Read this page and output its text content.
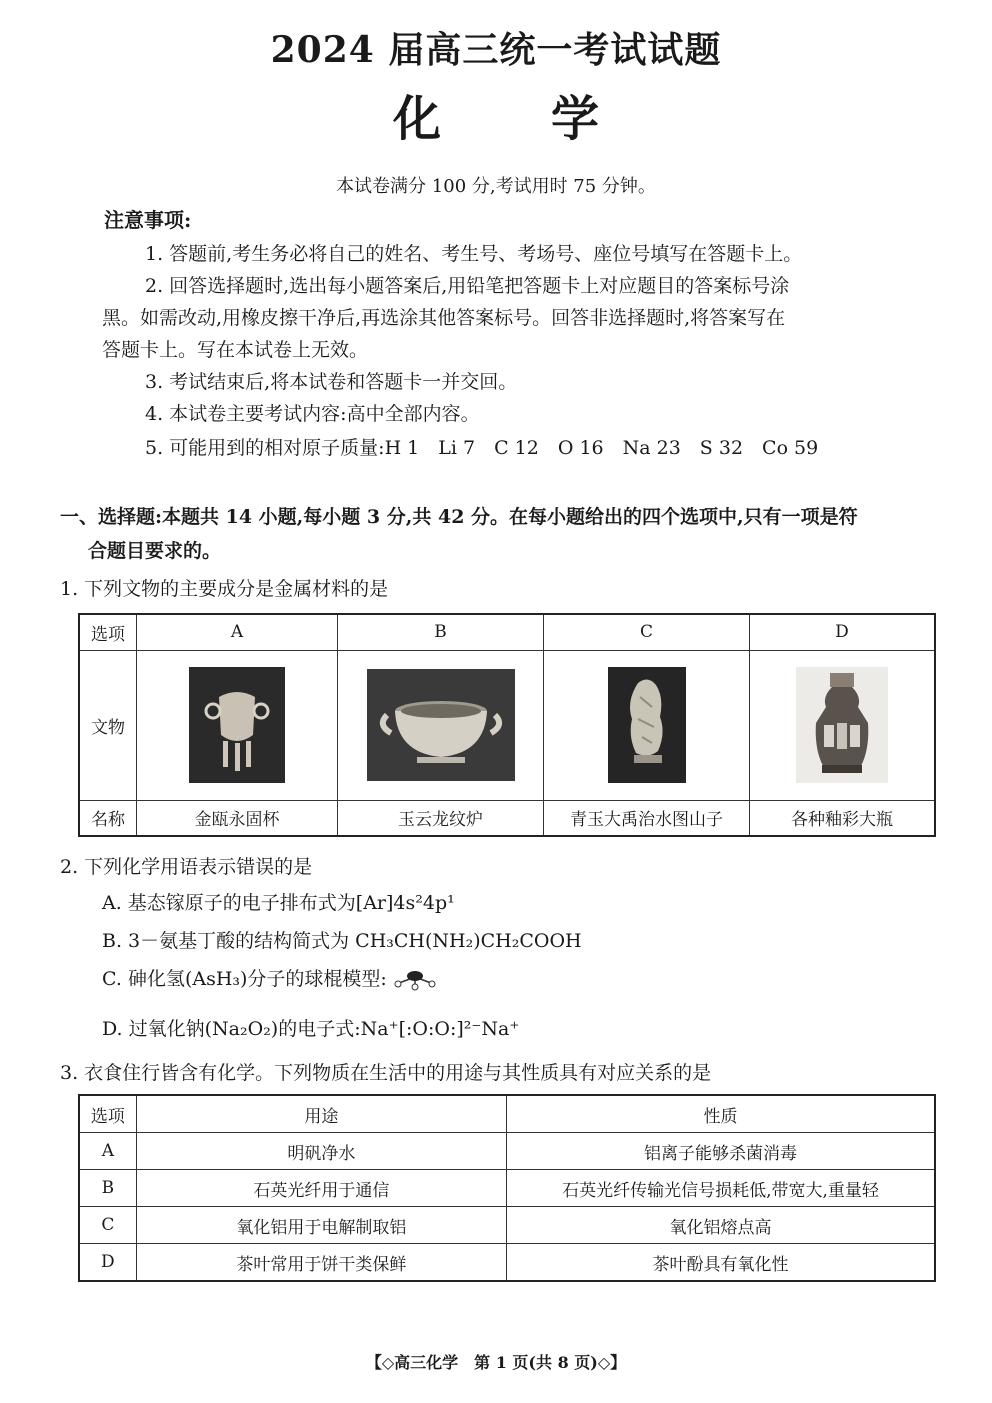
2024 届高三统一考试试题
化学
本试卷满分 100 分,考试用时 75 分钟。
注意事项:
1. 答题前,考生务必将自己的姓名、考生号、考场号、座位号填写在答题卡上。
2. 回答选择题时,选出每小题答案后,用铅笔把答题卡上对应题目的答案标号涂
黑。如需改动,用橡皮擦干净后,再选涂其他答案标号。回答非选择题时,将答案写在
答题卡上。写在本试卷上无效。
3. 考试结束后,将本试卷和答题卡一并交回。
4. 本试卷主要考试内容:高中全部内容。
5. 可能用到的相对原子质量:H 1　Li 7　C 12　O 16　Na 23　S 32　Co 59
一、选择题:本题共 14 小题,每小题 3 分,共 42 分。在每小题给出的四个选项中,只有一项是符
合题目要求的。
1. 下列文物的主要成分是金属材料的是
选项	A	B	C	D
文物	

名称	金瓯永固杯	玉云龙纹炉	青玉大禹治水图山子	各种釉彩大瓶
2. 下列化学用语表示错误的是
A. 基态镓原子的电子排布式为[Ar]4s²4p¹
B. 3－氨基丁酸的结构简式为 CH₃CH(NH₂)CH₂COOH
C. 砷化氢(AsH₃)分子的球棍模型:
D. 过氧化钠(Na₂O₂)的电子式:Na⁺[:O:O:]²⁻Na⁺
3. 衣食住行皆含有化学。下列物质在生活中的用途与其性质具有对应关系的是
选项	用途	性质
A	明矾净水	铝离子能够杀菌消毒
B	石英光纤用于通信	石英光纤传输光信号损耗低,带宽大,重量轻
C	氧化铝用于电解制取铝	氧化铝熔点高
D	茶叶常用于饼干类保鲜	茶叶酚具有氧化性
【◇高三化学　第 1 页(共 8 页)◇】
